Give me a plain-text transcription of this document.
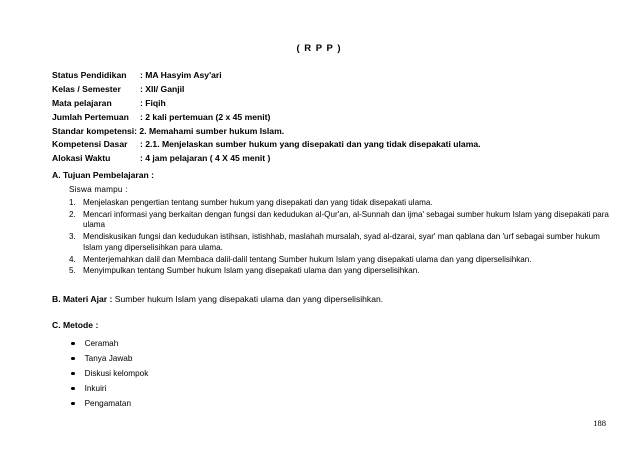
( R P P )
Status Pendidikan : MA Hasyim Asy'ari
Kelas / Semester : XII/ Ganjil
Mata pelajaran	: Fiqih
Jumlah Pertemuan : 2 kali pertemuan (2 x 45 menit)
Standar kompetensi: 2. Memahami sumber hukum Islam.
Kompetensi Dasar : 2.1. Menjelaskan sumber hukum yang disepakati dan yang tidak disepakati ulama.
Alokasi Waktu	: 4 jam pelajaran ( 4 X 45 menit )
A. Tujuan Pembelajaran :
Siswa mampu :
1. Menjelaskan pengertian tentang sumber hukum yang disepakati dan yang tidak disepakati ulama.
2. Mencari informasi yang berkaitan dengan fungsi dan kedudukan al-Qur'an, al-Sunnah dan ijma' sebagai sumber hukum Islam yang disepakati para ulama
3. Mendiskusikan fungsi dan kedudukan istihsan, istishhab, maslahah mursalah, syad al-dzarai, syar' man qablana dan 'urf sebagai sumber hukum Islam yang diperselisihkan para ulama.
4. Menterjemahkan dalil dan Membaca dalil-dalil tentang Sumber hukum Islam yang disepakati ulama dan yang diperselisihkan.
5. Menyimpulkan tentang Sumber hukum Islam yang disepakati ulama dan yang diperselisihkan.
B. Materi Ajar : Sumber hukum Islam yang disepakati ulama dan yang diperselisihkan.
C. Metode :
Ceramah
Tanya Jawab
Diskusi kelompok
Inkuiri
Pengamatan
188
